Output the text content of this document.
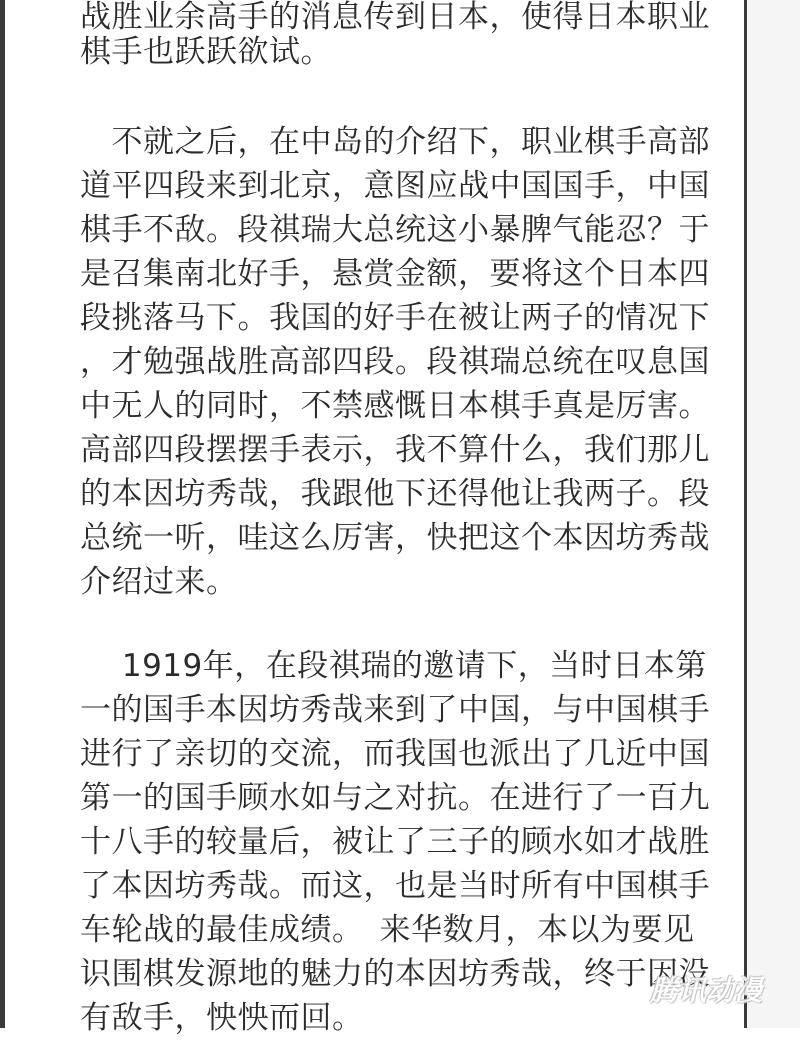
战胜业余高手的消息传到日本，使得日本职业
棋手也跃跃欲试。
　不就之后，在中岛的介绍下，职业棋手高部
道平四段来到北京，意图应战中国国手，中国
棋手不敌。段祺瑞大总统这小暴脾气能忍？于
是召集南北好手，悬赏金额，要将这个日本四
段挑落马下。我国的好手在被让两子的情况下
，才勉强战胜高部四段。段祺瑞总统在叹息国
中无人的同时，不禁感慨日本棋手真是厉害。
高部四段摆摆手表示，我不算什么，我们那儿
的本因坊秀哉，我跟他下还得他让我两子。段
总统一听，哇这么厉害，快把这个本因坊秀哉
介绍过来。
　 1919年，在段祺瑞的邀请下，当时日本第
一的国手本因坊秀哉来到了中国，与中国棋手
进行了亲切的交流，而我国也派出了几近中国
第一的国手顾水如与之对抗。在进行了一百九
十八手的较量后，被让了三子的顾水如才战胜
了本因坊秀哉。而这，也是当时所有中国棋手
车轮战的最佳成绩。　来华数月，本以为要见
识围棋发源地的魅力的本因坊秀哉，终于因没
有敌手，怏怏而回。
腾讯动漫
